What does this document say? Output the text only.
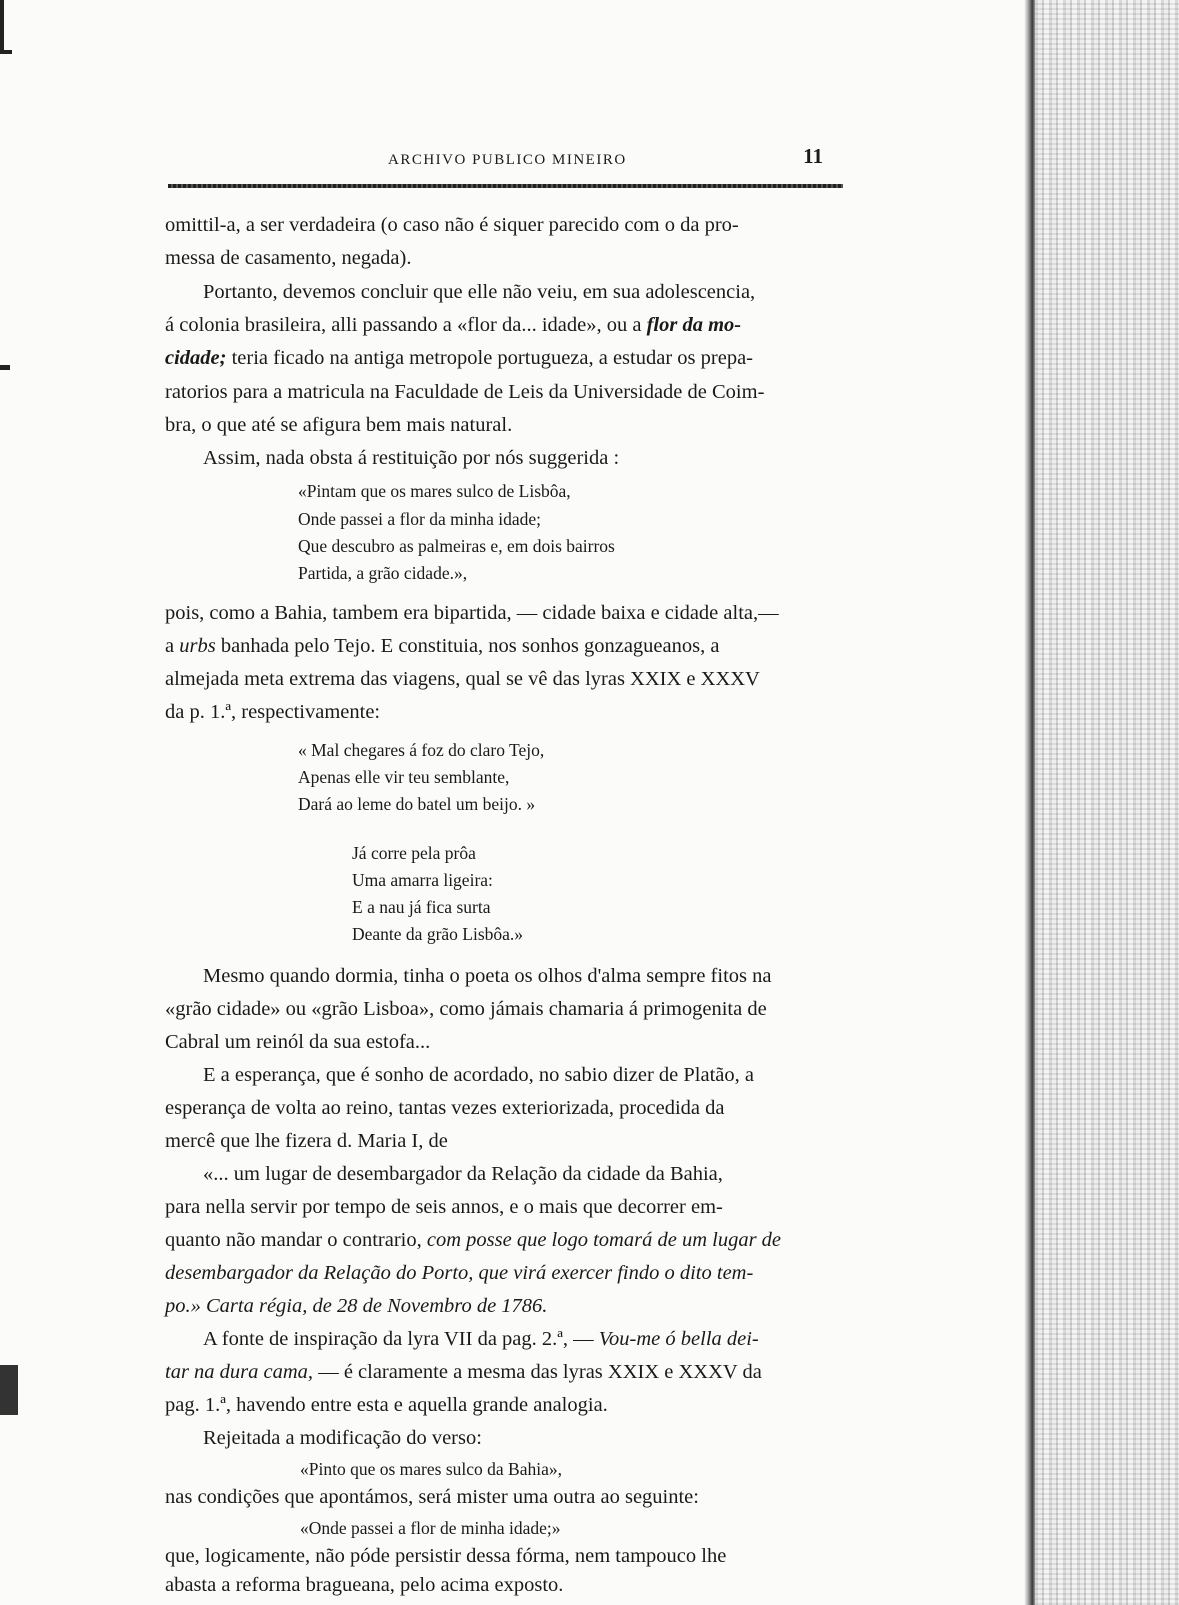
ARCHIVO PUBLICO MINEIRO	11
omittil-a, a ser verdadeira (o caso não é siquer parecido com o da pro-
messa de casamento, negada).
Portanto, devemos concluir que elle não veiu, em sua adolescencia,
á colonia brasileira, alli passando a «flor da... idade», ou a flor da mo-
cidade; teria ficado na antiga metropole portugueza, a estudar os prepa-
ratorios para a matricula na Faculdade de Leis da Universidade de Coim-
bra, o que até se afigura bem mais natural.
Assim, nada obsta á restituição por nós suggerida :
«Pintam que os mares sulco de Lisbôa,
Onde passei a flor da minha idade;
Que descubro as palmeiras e, em dois bairros
Partida, a grão cidade.»,
pois, como a Bahia, tambem era bipartida, — cidade baixa e cidade alta,—
a urbs banhada pelo Tejo. E constituia, nos sonhos gonzagueanos, a
almejada meta extrema das viagens, qual se vê das lyras XXIX e XXXV
da p. 1.ª, respectivamente:
« Mal chegares á foz do claro Tejo,
Apenas elle vir teu semblante,
Dará ao leme do batel um beijo. »
Já corre pela prôa
Uma amarra ligeira:
E a nau já fica surta
Deante da grão Lisbôa.»
Mesmo quando dormia, tinha o poeta os olhos d'alma sempre fitos na
«grão cidade» ou «grão Lisboa», como jámais chamaria á primogenita de
Cabral um reinól da sua estofa...
E a esperança, que é sonho de acordado, no sabio dizer de Platão, a
esperança de volta ao reino, tantas vezes exteriorizada, procedida da
mercê que lhe fizera d. Maria I, de
«... um lugar de desembargador da Relação da cidade da Bahia,
para nella servir por tempo de seis annos, e o mais que decorrer em-
quanto não mandar o contrario, com posse que logo tomará de um lugar de
desembargador da Relação do Porto, que virá exercer findo o dito tem-
po.» Carta régia, de 28 de Novembro de 1786.
A fonte de inspiração da lyra VII da pag. 2.ª, — Vou-me ó bella dei-
tar na dura cama, — é claramente a mesma das lyras XXIX e XXXV da
pag. 1.ª, havendo entre esta e aquella grande analogia.
Rejeitada a modificação do verso:
«Pinto que os mares sulco da Bahia»,
nas condições que apontámos, será mister uma outra ao seguinte:
«Onde passei a flor de minha idade;»
que, logicamente, não póde persistir dessa fórma, nem tampouco lhe
abasta a reforma bragueana, pelo acima exposto.
